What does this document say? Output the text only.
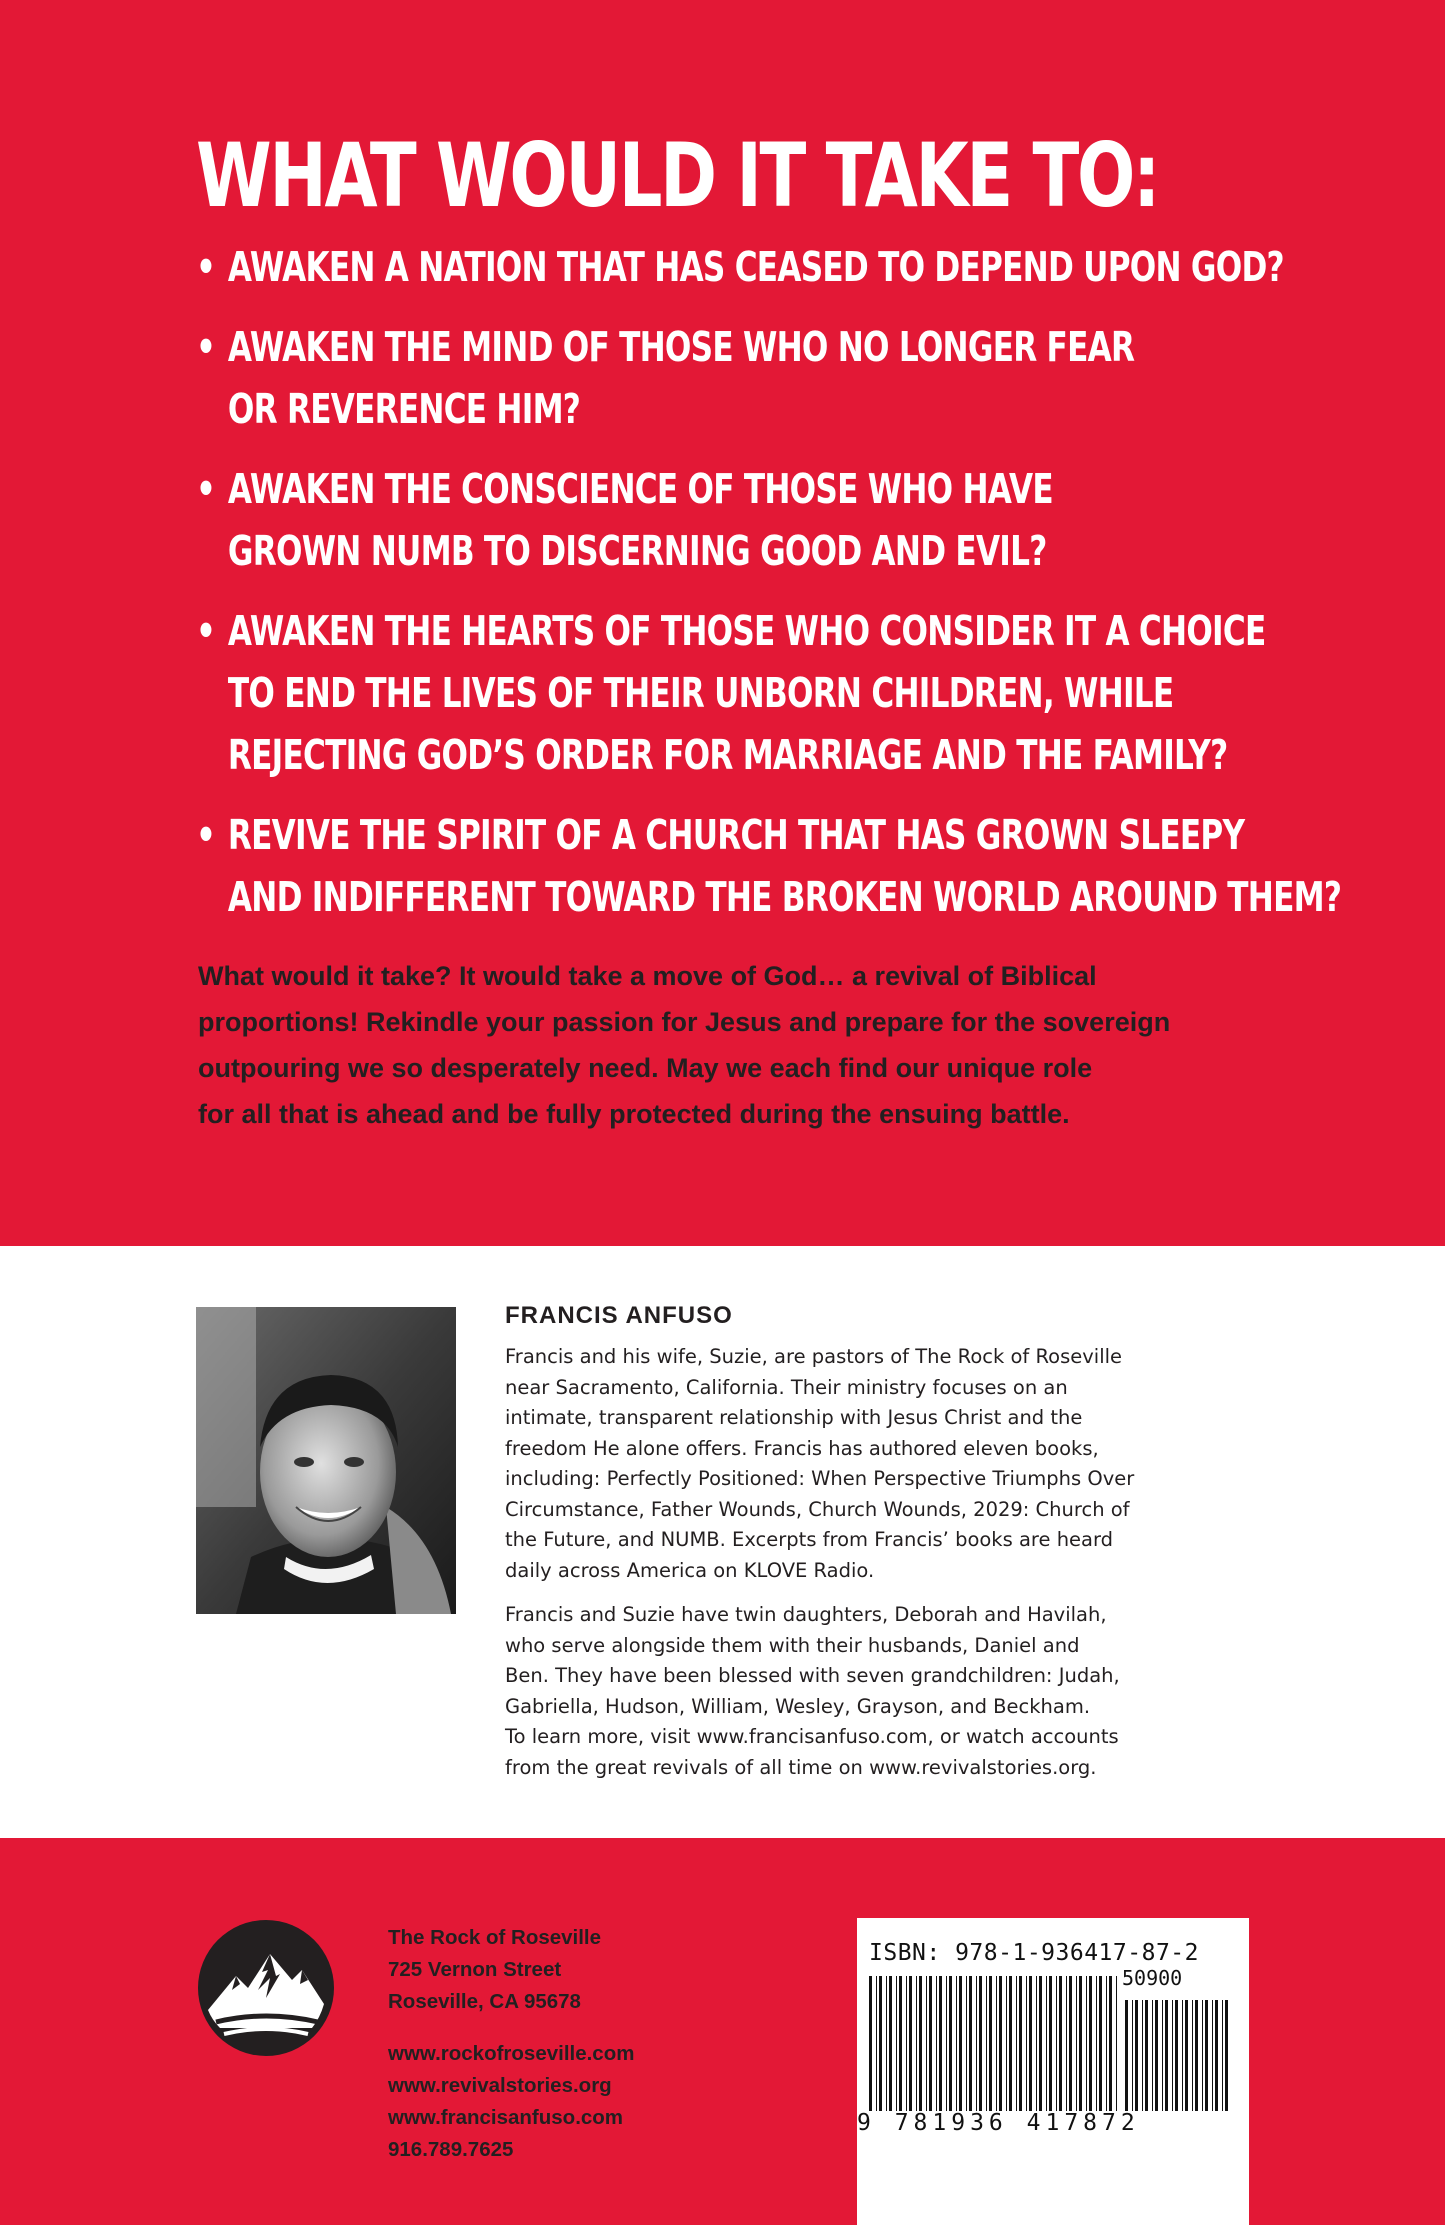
WHAT WOULD IT TAKE TO:
• AWAKEN A NATION THAT HAS CEASED TO DEPEND UPON GOD?
• AWAKEN THE MIND OF THOSE WHO NO LONGER FEAR
OR REVERENCE HIM?
• AWAKEN THE CONSCIENCE OF THOSE WHO HAVE
GROWN NUMB TO DISCERNING GOOD AND EVIL?
• AWAKEN THE HEARTS OF THOSE WHO CONSIDER IT A CHOICE
TO END THE LIVES OF THEIR UNBORN CHILDREN, WHILE
REJECTING GOD’S ORDER FOR MARRIAGE AND THE FAMILY?
• REVIVE THE SPIRIT OF A CHURCH THAT HAS GROWN SLEEPY
AND INDIFFERENT TOWARD THE BROKEN WORLD AROUND THEM?
What would it take? It would take a move of God… a revival of Biblical
proportions! Rekindle your passion for Jesus and prepare for the sovereign
outpouring we so desperately need. May we each find our unique role
for all that is ahead and be fully protected during the ensuing battle.
FRANCIS ANFUSO
Francis and his wife, Suzie, are pastors of The Rock of Roseville
near Sacramento, California. Their ministry focuses on an
intimate, transparent relationship with Jesus Christ and the
freedom He alone offers. Francis has authored eleven books,
including: Perfectly Positioned: When Perspective Triumphs Over
Circumstance, Father Wounds, Church Wounds, 2029: Church of
the Future, and NUMB. Excerpts from Francis’ books are heard
daily across America on KLOVE Radio.
Francis and Suzie have twin daughters, Deborah and Havilah,
who serve alongside them with their husbands, Daniel and
Ben. They have been blessed with seven grandchildren: Judah,
Gabriella, Hudson, William, Wesley, Grayson, and Beckham.
To learn more, visit www.francisanfuso.com, or watch accounts
from the great revivals of all time on www.revivalstories.org.
The Rock of Roseville
725 Vernon Street
Roseville, CA 95678
www.rockofroseville.com
www.revivalstories.org
www.francisanfuso.com
916.789.7625
ISBN: 978-1-936417-87-2
50900
9 781936 417872
